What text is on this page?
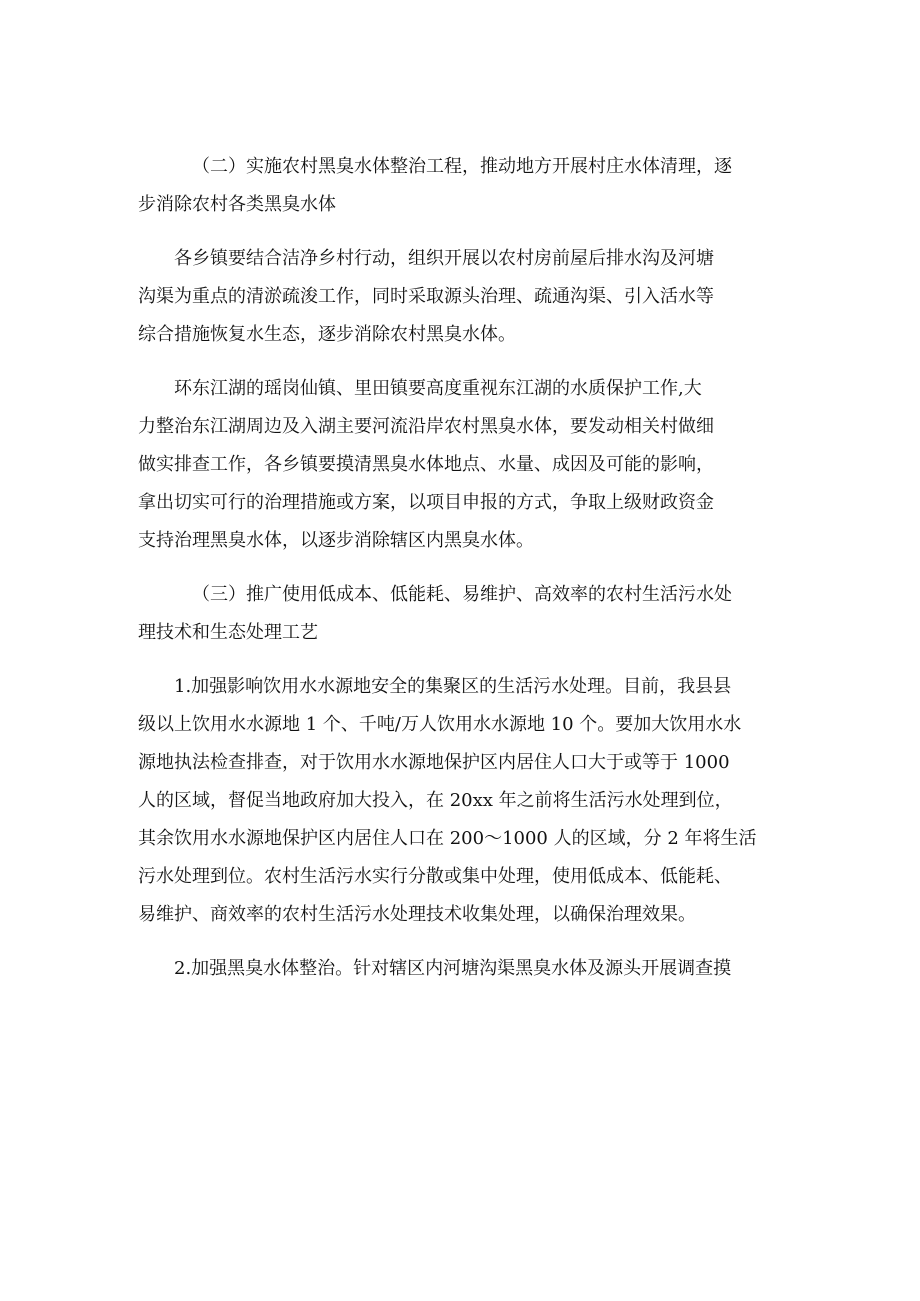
（二）实施农村黑臭水体整治工程，推动地方开展村庄水体清理，逐
步消除农村各类黑臭水体
各乡镇要结合洁净乡村行动，组织开展以农村房前屋后排水沟及河塘
沟渠为重点的清淤疏浚工作，同时采取源头治理、疏通沟渠、引入活水等
综合措施恢复水生态，逐步消除农村黑臭水体。
环东江湖的瑶岗仙镇、里田镇要高度重视东江湖的水质保护工作,大
力整治东江湖周边及入湖主要河流沿岸农村黑臭水体，要发动相关村做细
做实排查工作，各乡镇要摸清黑臭水体地点、水量、成因及可能的影响，
拿出切实可行的治理措施或方案，以项目申报的方式，争取上级财政资金
支持治理黑臭水体，以逐步消除辖区内黑臭水体。
（三）推广使用低成本、低能耗、易维护、高效率的农村生活污水处
理技术和生态处理工艺
1.加强影响饮用水水源地安全的集聚区的生活污水处理。目前，我县县
级以上饮用水水源地 1 个、千吨/万人饮用水水源地 10 个。要加大饮用水水
源地执法检查排查，对于饮用水水源地保护区内居住人口大于或等于 1000
人的区域，督促当地政府加大投入，在 20xx 年之前将生活污水处理到位，
其余饮用水水源地保护区内居住人口在 200～1000 人的区域，分 2 年将生活
污水处理到位。农村生活污水实行分散或集中处理，使用低成本、低能耗、
易维护、商效率的农村生活污水处理技术收集处理，以确保治理效果。
2.加强黑臭水体整治。针对辖区内河塘沟渠黑臭水体及源头开展调查摸
